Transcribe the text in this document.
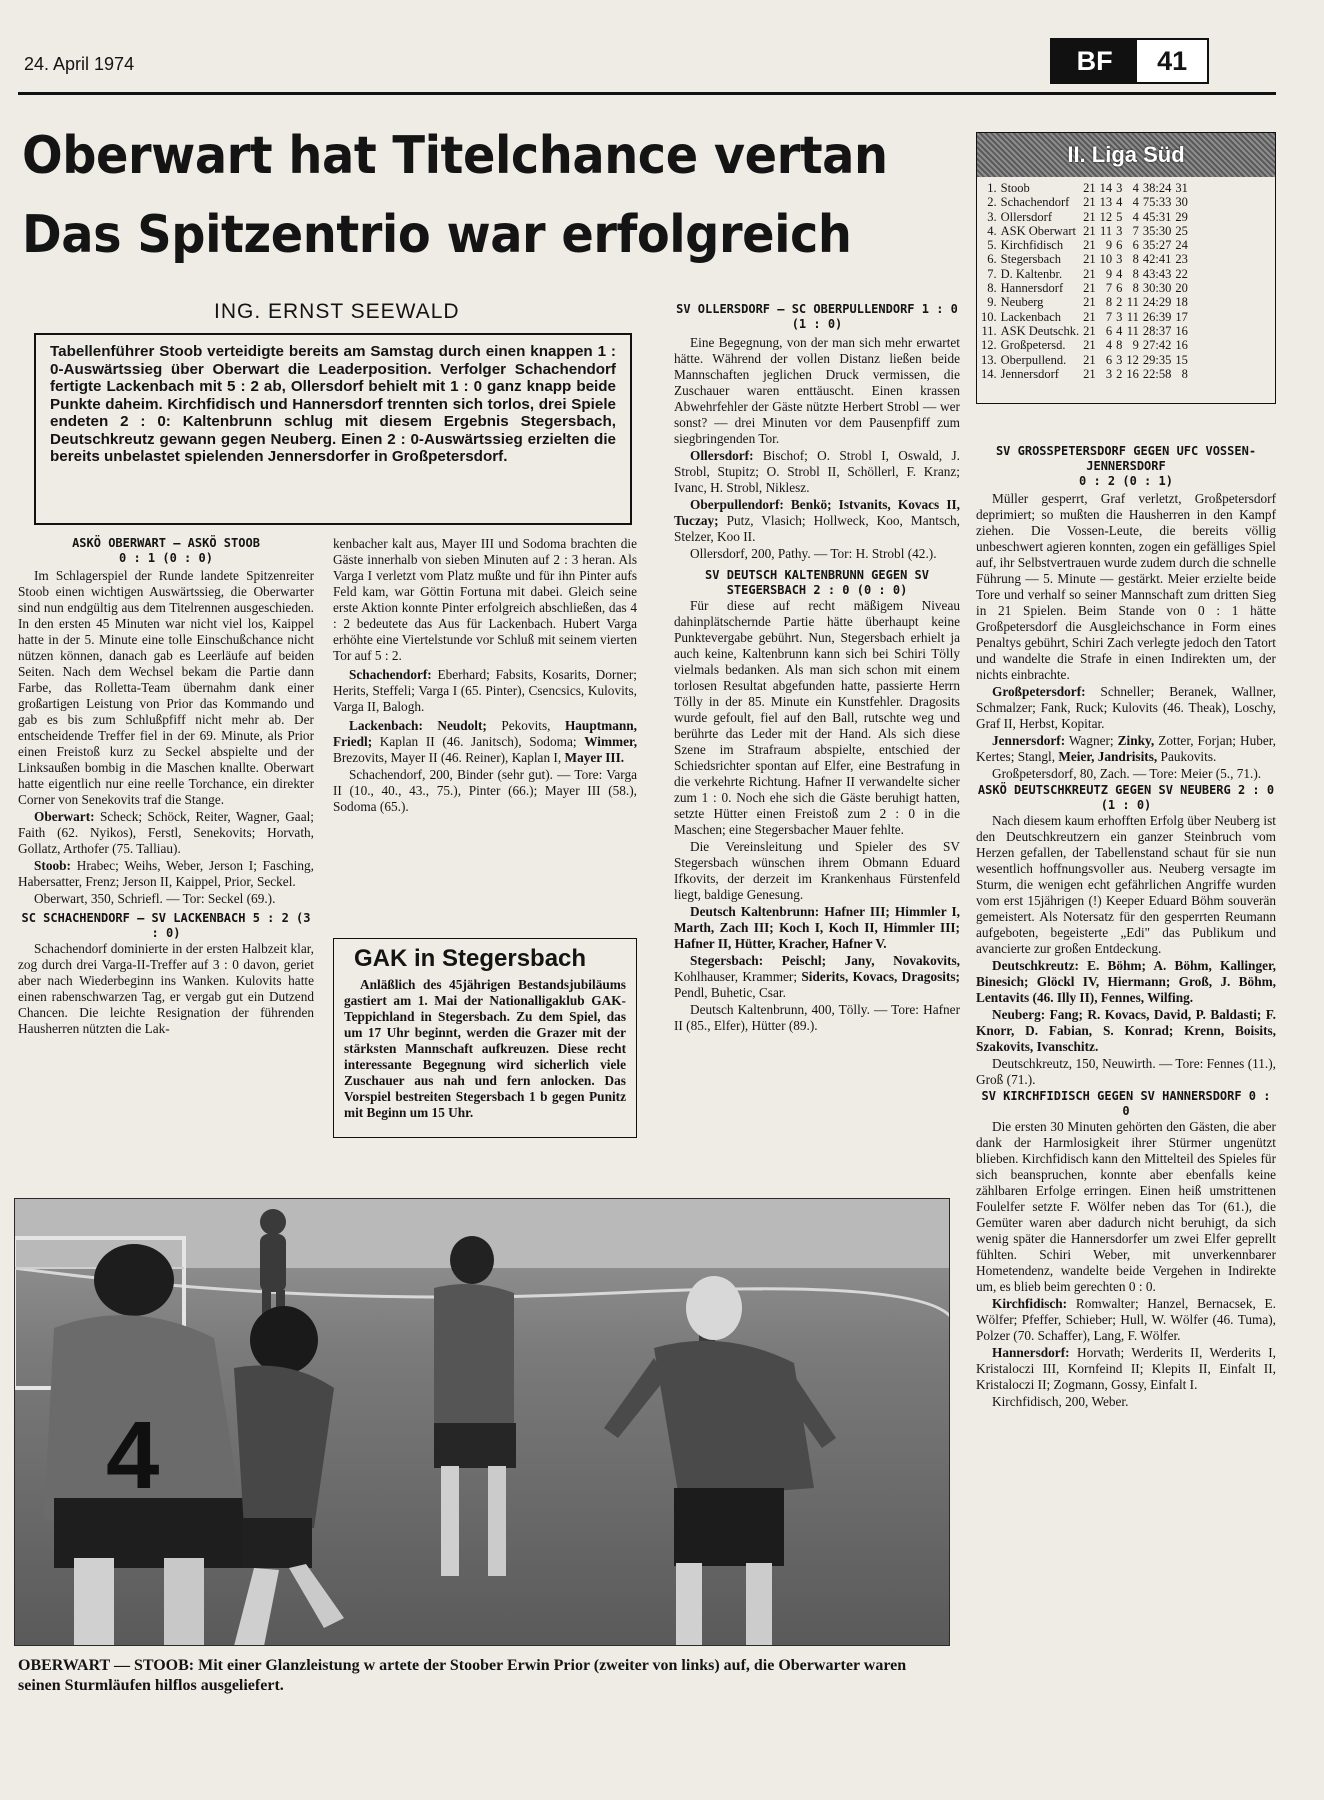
24. April 1974	BF	41
Oberwart hat Titelchance vertan
Das Spitzentrio war erfolgreich
ING. ERNST SEEWALD
Tabellenführer Stoob verteidigte bereits am Samstag durch einen knappen 1 : 0-Auswärtssieg über Oberwart die Leaderposition. Verfolger Schachendorf fertigte Lackenbach mit 5 : 2 ab, Ollersdorf behielt mit 1 : 0 ganz knapp beide Punkte daheim. Kirchfidisch und Hannersdorf trennten sich torlos, drei Spiele endeten 2 : 0: Kaltenbrunn schlug mit diesem Ergebnis Stegersbach, Deutschkreutz gewann gegen Neuberg. Einen 2 : 0-Auswärtssieg erzielten die bereits unbelastet spielenden Jennersdorfer in Großpetersdorf.

ASKÖ OBERWART — ASKÖ STOOB

0 : 1 (0 : 0)

Im Schlagerspiel der Runde landete Spitzenreiter Stoob einen wichtigen Auswärtssieg, die Oberwarter sind nun endgültig aus dem Titelrennen ausgeschieden. In den ersten 45 Minuten war nicht viel los, Kaippel hatte in der 5. Minute eine tolle Einschußchance nicht nützen können, danach gab es Leerläufe auf beiden Seiten. Nach dem Wechsel bekam die Partie dann Farbe, das Rolletta-Team übernahm dank einer großartigen Leistung von Prior das Kommando und gab es bis zum Schlußpfiff nicht mehr ab. Der entscheidende Treffer fiel in der 69. Minute, als Prior einen Freistoß kurz zu Seckel abspielte und der Linksaußen bombig in die Maschen knallte. Oberwart hatte eigentlich nur eine reelle Torchance, ein direkter Corner von Senekovits traf die Stange.

Oberwart: Scheck; Schöck, Reiter, Wagner, Gaal; Faith (62. Nyikos), Ferstl, Senekovits; Horvath, Gollatz, Arthofer (75. Talliau).

Stoob: Hrabec; Weihs, Weber, Jerson I; Fasching, Habersatter, Frenz; Jerson II, Kaippel, Prior, Seckel.

Oberwart, 350, Schriefl. — Tor: Seckel (69.).

SC SCHACHENDORF — SV LACKENBACH 5 : 2 (3 : 0)

Schachendorf dominierte in der ersten Halbzeit klar, zog durch drei Varga-II-Treffer auf 3 : 0 davon, geriet aber nach Wiederbeginn ins Wanken. Kulovits hatte einen rabenschwarzen Tag, er vergab gut ein Dutzend Chancen. Die leichte Resignation der führenden Hausherren nützten die Lak-

kenbacher kalt aus, Mayer III und Sodoma brachten die Gäste innerhalb von sieben Minuten auf 2 : 3 heran. Als Varga I verletzt vom Platz mußte und für ihn Pinter aufs Feld kam, war Göttin Fortuna mit dabei. Gleich seine erste Aktion konnte Pinter erfolgreich abschließen, das 4 : 2 bedeutete das Aus für Lackenbach. Hubert Varga erhöhte eine Viertelstunde vor Schluß mit seinem vierten Tor auf 5 : 2.

Schachendorf: Eberhard; Fabsits, Kosarits, Dorner; Herits, Steffeli; Varga I (65. Pinter), Csencsics, Kulovits, Varga II, Balogh.

Lackenbach: Neudolt; Pekovits, Hauptmann, Friedl; Kaplan II (46. Janitsch), Sodoma; Wimmer, Brezovits, Mayer II (46. Reiner), Kaplan I, Mayer III.

Schachendorf, 200, Binder (sehr gut). — Tore: Varga II (10., 40., 43., 75.), Pinter (66.); Mayer III (58.), Sodoma (65.).

GAK in Stegersbach

Anläßlich des 45jährigen Bestandsjubiläums gastiert am 1. Mai der Nationalligaklub GAK-Teppichland in Stegersbach. Zu dem Spiel, das um 17 Uhr beginnt, werden die Grazer mit der stärksten Mannschaft aufkreuzen. Diese recht interessante Begegnung wird sicherlich viele Zuschauer aus nah und fern anlocken. Das Vorspiel bestreiten Stegersbach 1 b gegen Punitz mit Beginn um 15 Uhr.

SV OLLERSDORF — SC OBERPULLENDORF 1 : 0 (1 : 0)

Eine Begegnung, von der man sich mehr erwartet hätte. Während der vollen Distanz ließen beide Mannschaften jeglichen Druck vermissen, die Zuschauer waren enttäuscht. Einen krassen Abwehrfehler der Gäste nützte Herbert Strobl — wer sonst? — drei Minuten vor dem Pausenpfiff zum siegbringenden Tor.

Ollersdorf: Bischof; O. Strobl I, Oswald, J. Strobl, Stupitz; O. Strobl II, Schöllerl, F. Kranz; Ivanc, H. Strobl, Niklesz.

Oberpullendorf: Benkö; Istvanits, Kovacs II, Tuczay; Putz, Vlasich; Hollweck, Koo, Mantsch, Stelzer, Koo II.

Ollersdorf, 200, Pathy. — Tor: H. Strobl (42.).

SV DEUTSCH KALTENBRUNN GEGEN SV STEGERSBACH 2 : 0 (0 : 0)

Für diese auf recht mäßigem Niveau dahinplätschernde Partie hätte überhaupt keine Punktevergabe gebührt. Nun, Stegersbach erhielt ja auch keine, Kaltenbrunn kann sich bei Schiri Tölly vielmals bedanken. Als man sich schon mit einem torlosen Resultat abgefunden hatte, passierte Herrn Tölly in der 85. Minute ein Kunstfehler. Dragosits wurde gefoult, fiel auf den Ball, rutschte weg und berührte das Leder mit der Hand. Als sich diese Szene im Strafraum abspielte, entschied der Schiedsrichter spontan auf Elfer, eine Bestrafung in die verkehrte Richtung. Hafner II verwandelte sicher zum 1 : 0. Noch ehe sich die Gäste beruhigt hatten, setzte Hütter einen Freistoß zum 2 : 0 in die Maschen; eine Stegersbacher Mauer fehlte.

Die Vereinsleitung und Spieler des SV Stegersbach wünschen ihrem Obmann Eduard Ifkovits, der derzeit im Krankenhaus Fürstenfeld liegt, baldige Genesung.

Deutsch Kaltenbrunn: Hafner III; Himmler I, Marth, Zach III; Koch I, Koch II, Himmler III; Hafner II, Hütter, Kracher, Hafner V.

Stegersbach: Peischl; Jany, Novakovits, Kohlhauser, Krammer; Siderits, Kovacs, Dragosits; Pendl, Buhetic, Csar.

Deutsch Kaltenbrunn, 400, Tölly. — Tore: Hafner II (85., Elfer), Hütter (89.).

II. Liga Süd
1.	Stoob	21	14	3	4	38:24	31
2.	Schachendorf	21	13	4	4	75:33	30
3.	Ollersdorf	21	12	5	4	45:31	29
4.	ASK Oberwart	21	11	3	7	35:30	25
5.	Kirchfidisch	21	9	6	6	35:27	24
6.	Stegersbach	21	10	3	8	42:41	23
7.	D. Kaltenbr.	21	9	4	8	43:43	22
8.	Hannersdorf	21	7	6	8	30:30	20
9.	Neuberg	21	8	2	11	24:29	18
10.	Lackenbach	21	7	3	11	26:39	17
11.	ASK Deutschk.	21	6	4	11	28:37	16
12.	Großpetersd.	21	4	8	9	27:42	16
13.	Oberpullend.	21	6	3	12	29:35	15
14.	Jennersdorf	21	3	2	16	22:58	8

SV GROSSPETERSDORF GEGEN UFC VOSSEN-JENNERSDORF

0 : 2 (0 : 1)

Müller gesperrt, Graf verletzt, Großpetersdorf deprimiert; so mußten die Hausherren in den Kampf ziehen. Die Vossen-Leute, die bereits völlig unbeschwert agieren konnten, zogen ein gefälliges Spiel auf, ihr Selbstvertrauen wurde zudem durch die schnelle Führung — 5. Minute — gestärkt. Meier erzielte beide Tore und verhalf so seiner Mannschaft zum dritten Sieg in 21 Spielen. Beim Stande von 0 : 1 hätte Großpetersdorf die Ausgleichschance in Form eines Penaltys gebührt, Schiri Zach verlegte jedoch den Tatort und wandelte die Strafe in einen Indirekten um, der nichts einbrachte.

Großpetersdorf: Schneller; Beranek, Wallner, Schmalzer; Fank, Ruck; Kulovits (46. Theak), Loschy, Graf II, Herbst, Kopitar.

Jennersdorf: Wagner; Zinky, Zotter, Forjan; Huber, Kertes; Stangl, Meier, Jandrisits, Paukovits.

Großpetersdorf, 80, Zach. — Tore: Meier (5., 71.).

ASKÖ DEUTSCHKREUTZ GEGEN SV NEUBERG 2 : 0 (1 : 0)

Nach diesem kaum erhofften Erfolg über Neuberg ist den Deutschkreutzern ein ganzer Steinbruch vom Herzen gefallen, der Tabellenstand schaut für sie nun wesentlich hoffnungsvoller aus. Neuberg versagte im Sturm, die wenigen echt gefährlichen Angriffe wurden vom erst 15jährigen (!) Keeper Eduard Böhm souverän gemeistert. Als Notersatz für den gesperrten Reumann aufgeboten, begeisterte „Edi" das Publikum und avancierte zur großen Entdeckung.

Deutschkreutz: E. Böhm; A. Böhm, Kallinger, Binesich; Glöckl IV, Hiermann; Groß, J. Böhm, Lentavits (46. Illy II), Fennes, Wilfing.

Neuberg: Fang; R. Kovacs, David, P. Baldasti; F. Knorr, D. Fabian, S. Konrad; Krenn, Boisits, Szakovits, Ivanschitz.

Deutschkreutz, 150, Neuwirth. — Tore: Fennes (11.), Groß (71.).

SV KIRCHFIDISCH GEGEN SV HANNERSDORF 0 : 0

Die ersten 30 Minuten gehörten den Gästen, die aber dank der Harmlosigkeit ihrer Stürmer ungenützt blieben. Kirchfidisch kann den Mittelteil des Spieles für sich beanspruchen, konnte aber ebenfalls keine zählbaren Erfolge erringen. Einen heiß umstrittenen Foulelfer setzte F. Wölfer neben das Tor (61.), die Gemüter waren aber dadurch nicht beruhigt, da sich wenig später die Hannersdorfer um zwei Elfer geprellt fühlten. Schiri Weber, mit unverkennbarer Hometendenz, wandelte beide Vergehen in Indirekte um, es blieb beim gerechten 0 : 0.

Kirchfidisch: Romwalter; Hanzel, Bernacsek, E. Wölfer; Pfeffer, Schieber; Hull, W. Wölfer (46. Tuma), Polzer (70. Schaffer), Lang, F. Wölfer.

Hannersdorf: Horvath; Werderits II, Werderits I, Kristaloczi III, Kornfeind II; Klepits II, Einfalt II, Kristaloczi II; Zogmann, Gossy, Einfalt I.

Kirchfidisch, 200, Weber.

4
OBERWART — STOOB: Mit einer Glanzleistung w artete der Stoober Erwin Prior (zweiter von links) auf, die Oberwarter waren seinen Sturmläufen hilflos ausgeliefert.
